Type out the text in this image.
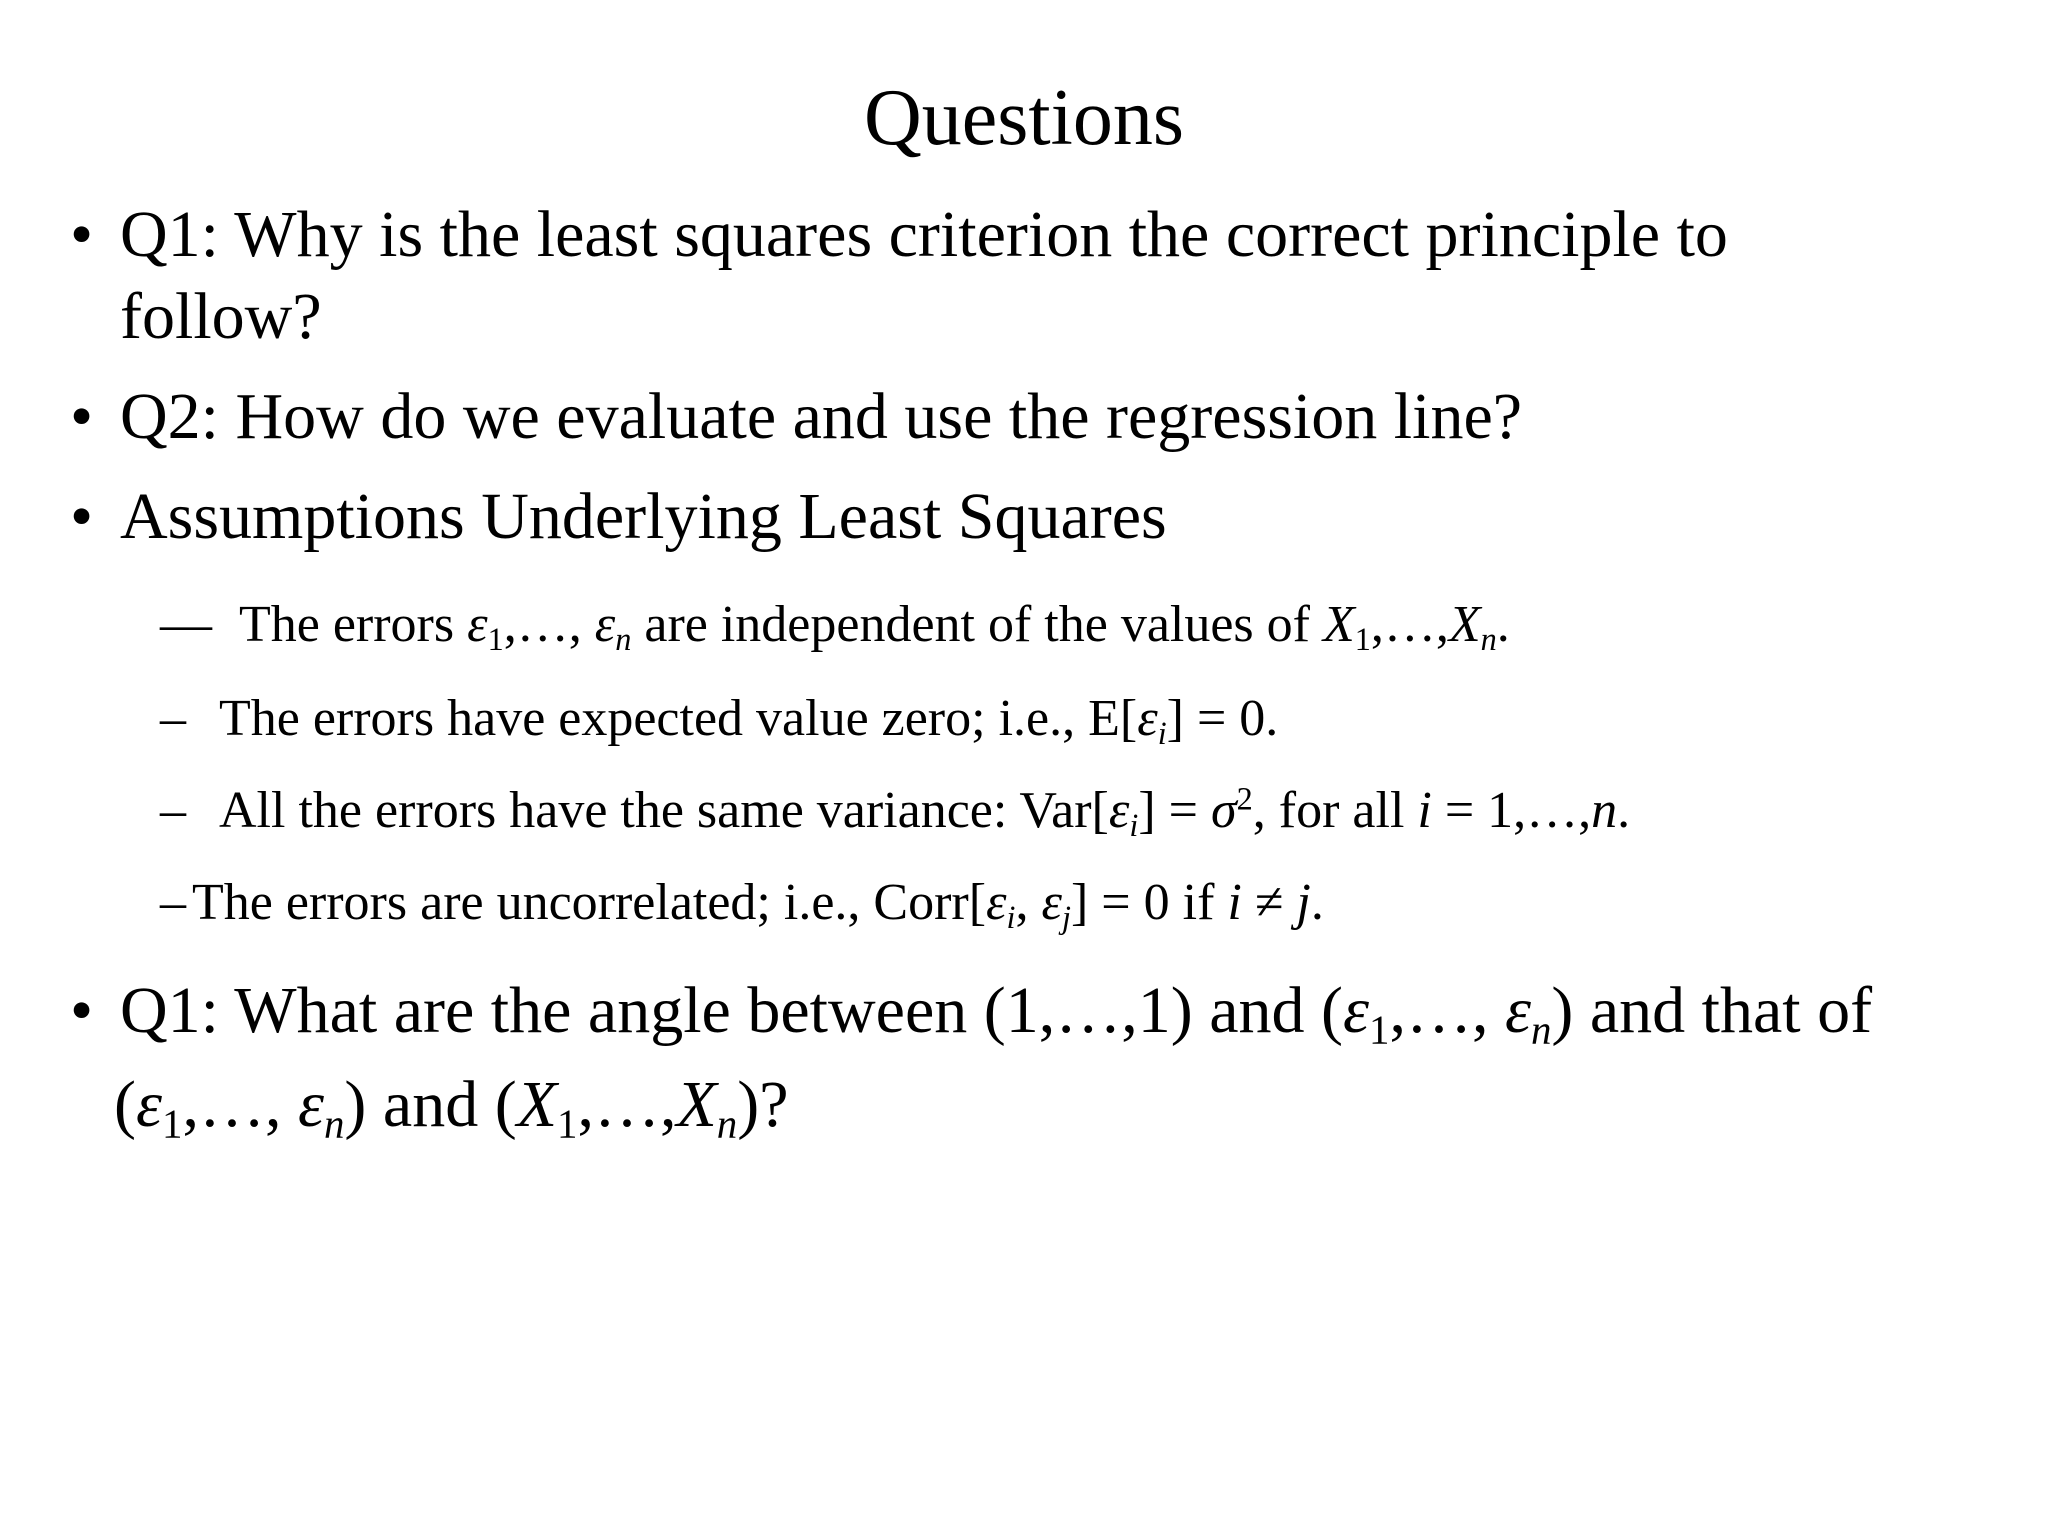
Questions
• Q1: Why is the least squares criterion the correct principle to
follow?
• Q2: How do we evaluate and use the regression line?
• Assumptions Underlying Least Squares
— The errors $\varepsilon_1,\dots$, $\varepsilon_n$ are independent of the values of $X_1,\dots,X_n$.
– The errors have expected value zero; i.e., $E[\varepsilon_i] = 0$.
– All the errors have the same variance: $Var[\varepsilon_i] = \sigma^2$, for all i = 1,…,n.
– The errors are uncorrelated; i.e., $Corr[\varepsilon_i$, $\varepsilon_j] = 0$ if i ≠ j.
• Q1: What are the angle between (1,…,1) and ($\varepsilon_1,\dots$, $\varepsilon_n$) and that of
($\varepsilon_1,\dots$, $\varepsilon_n$) and $(X_1,\dots,X_n)$?
